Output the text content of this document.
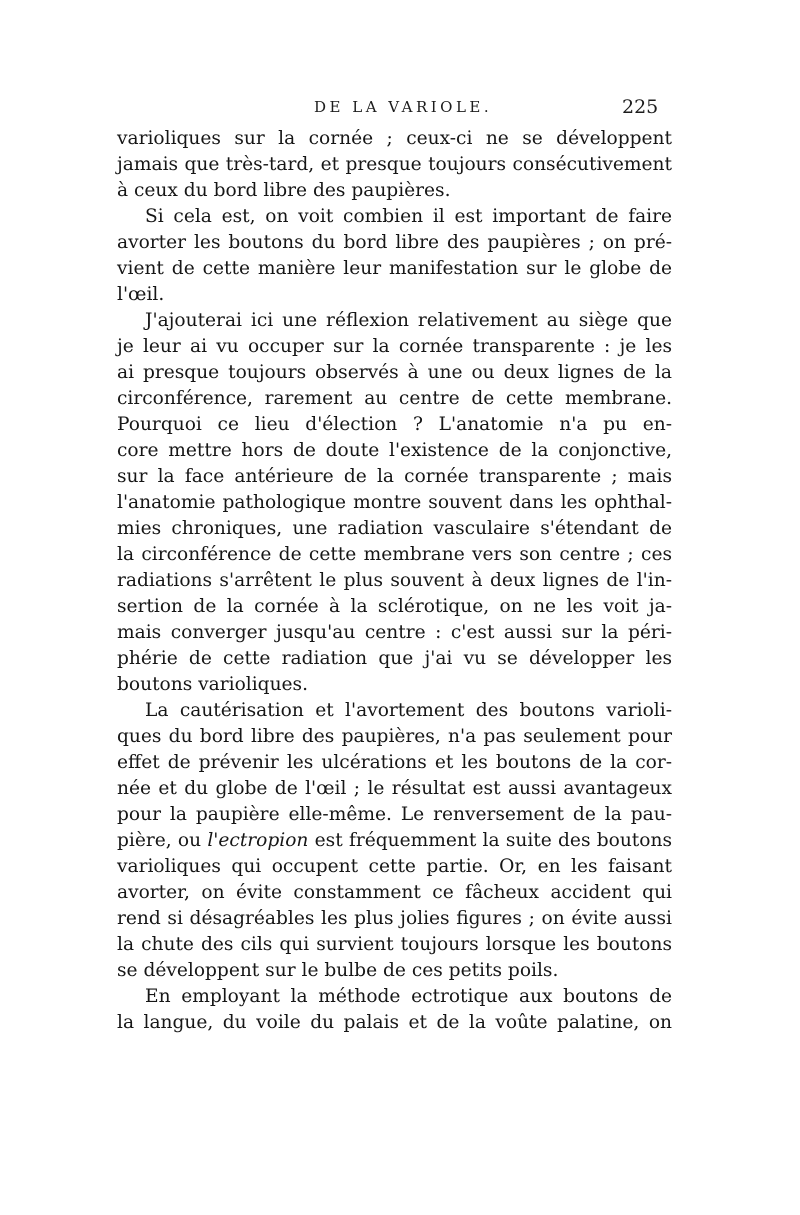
DE LA VARIOLE.	225
varioliques sur la cornée ; ceux-ci ne se développent
jamais que très-tard, et presque toujours consécutivement
à ceux du bord libre des paupières.
Si cela est, on voit combien il est important de faire
avorter les boutons du bord libre des paupières ; on pré-
vient de cette manière leur manifestation sur le globe de
l'œil.
J'ajouterai ici une réflexion relativement au siège que
je leur ai vu occuper sur la cornée transparente : je les
ai presque toujours observés à une ou deux lignes de la
circonférence, rarement au centre de cette membrane.
Pourquoi ce lieu d'élection ? L'anatomie n'a pu en-
core mettre hors de doute l'existence de la conjonctive,
sur la face antérieure de la cornée transparente ; mais
l'anatomie pathologique montre souvent dans les ophthal-
mies chroniques, une radiation vasculaire s'étendant de
la circonférence de cette membrane vers son centre ; ces
radiations s'arrêtent le plus souvent à deux lignes de l'in-
sertion de la cornée à la sclérotique, on ne les voit ja-
mais converger jusqu'au centre : c'est aussi sur la péri-
phérie de cette radiation que j'ai vu se développer les
boutons varioliques.
La cautérisation et l'avortement des boutons varioli-
ques du bord libre des paupières, n'a pas seulement pour
effet de prévenir les ulcérations et les boutons de la cor-
née et du globe de l'œil ; le résultat est aussi avantageux
pour la paupière elle-même. Le renversement de la pau-
pière, ou l'ectropion est fréquemment la suite des boutons
varioliques qui occupent cette partie. Or, en les faisant
avorter, on évite constamment ce fâcheux accident qui
rend si désagréables les plus jolies figures ; on évite aussi
la chute des cils qui survient toujours lorsque les boutons
se développent sur le bulbe de ces petits poils.
En employant la méthode ectrotique aux boutons de
la langue, du voile du palais et de la voûte palatine, on
